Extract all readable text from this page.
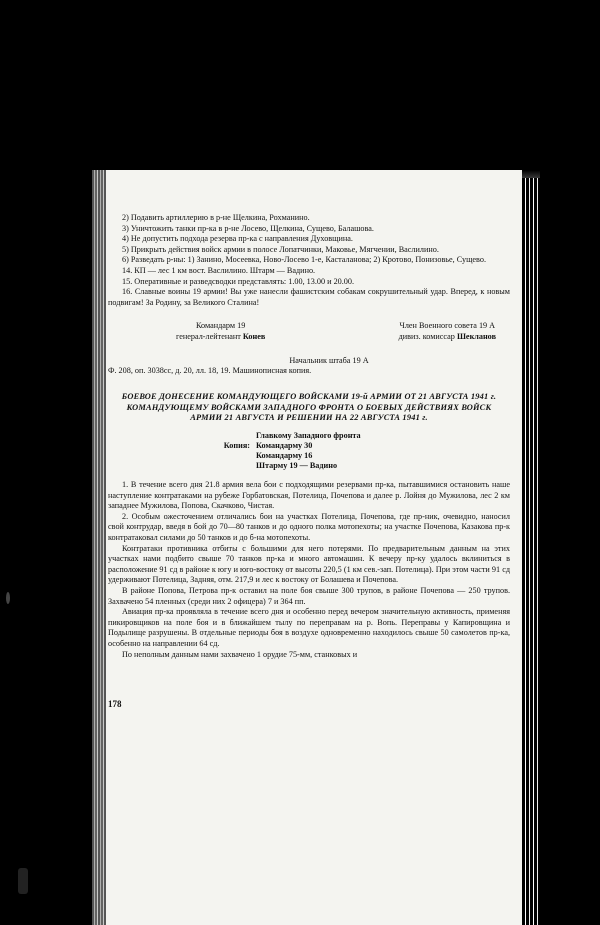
2) Подавить артиллерию в р-не Щелкина, Рохманино.

3) Уничтожить танки пр-ка в р-не Лосево, Щелкина, Сущево, Балашова.

4) Не допустить подхода резерва пр-ка с направления Духовщина.

5) Прикрыть действия войск армии в полосе Лопатчинки, Маковье, Мягчении, Васлилино.

6) Разведать р-ны: 1) Занино, Мосеевка, Ново-Лосево 1-е, Касталанова; 2) Кротово, Понизовье, Сущево.

14. КП — лес 1 км вост. Васлилино. Штарм — Вадино.

15. Оперативные и разведсводки представлять: 1.00, 13.00 и 20.00.

16. Славные воины 19 армии! Вы уже нанесли фашистским собакам сокрушительный удар. Вперед, к новым подвигам! За Родину, за Великого Сталина!

Командарм 19
генерал-лейтенант Конев
Член Военного совета 19 А
дивиз. комиссар Шекланов
Начальник штаба 19 А

Ф. 208, оп. 3038сс, д. 20, лл. 18, 19. Машинописная копия.

БОЕВОЕ ДОНЕСЕНИЕ КОМАНДУЮЩЕГО ВОЙСКАМИ 19-й АРМИИ ОТ 21 АВГУСТА 1941 г. КОМАНДУЮЩЕМУ ВОЙСКАМИ ЗАПАДНОГО ФРОНТА О БОЕВЫХ ДЕЙСТВИЯХ ВОЙСК АРМИИ 21 АВГУСТА И РЕШЕНИИ НА 22 АВГУСТА 1941 г.
Главкому Западного фронта
Копия: Командарму 30
Командарму 16
Штарму 19 — Вадино

1. В течение всего дня 21.8 армия вела бои с подходящими резервами пр-ка, пытавшимися остановить наше наступление контратаками на рубеже Горбатовская, Потелица, Почепова и далее р. Лойня до Мужилова, лес 2 км западнее Мужилова, Попова, Скачково, Чистая.

2. Особым ожесточением отличались бои на участках Потелица, Почепова, где пр-ник, очевидно, наносил свой контрудар, введя в бой до 70—80 танков и до одного полка мотопехоты; на участке Почепова, Казакова пр-к контратаковал силами до 50 танков и до б-на мотопехоты.

Контратаки противника отбиты с большими для него потерями. По предварительным данным на этих участках нами подбито свыше 70 танков пр-ка и много автомашин. К вечеру пр-ку удалось вклиниться в расположение 91 сд в районе к югу и юго-востоку от высоты 220,5 (1 км сев.-зап. Потелица). При этом части 91 сд удерживают Потелица, Задняя, отм. 217,9 и лес к востоку от Болашева и Почепова.

В районе Попова, Петрова пр-к оставил на поле боя свыше 300 трупов, в районе Почепова — 250 трупов. Захвачено 54 пленных (среди них 2 офицера) 7 и 364 пп.

Авиация пр-ка проявляла в течение всего дня и особенно перед вечером значительную активность, применяя пикировщиков на поле боя и в ближайшем тылу по переправам на р. Вопь. Переправы у Капировщина и Подылище разрушены. В отдельные периоды боя в воздухе одновременно находилось свыше 50 самолетов пр-ка, особенно на направлении 64 сд.

По неполным данным нами захвачено 1 орудие 75-мм, станковых и

178
